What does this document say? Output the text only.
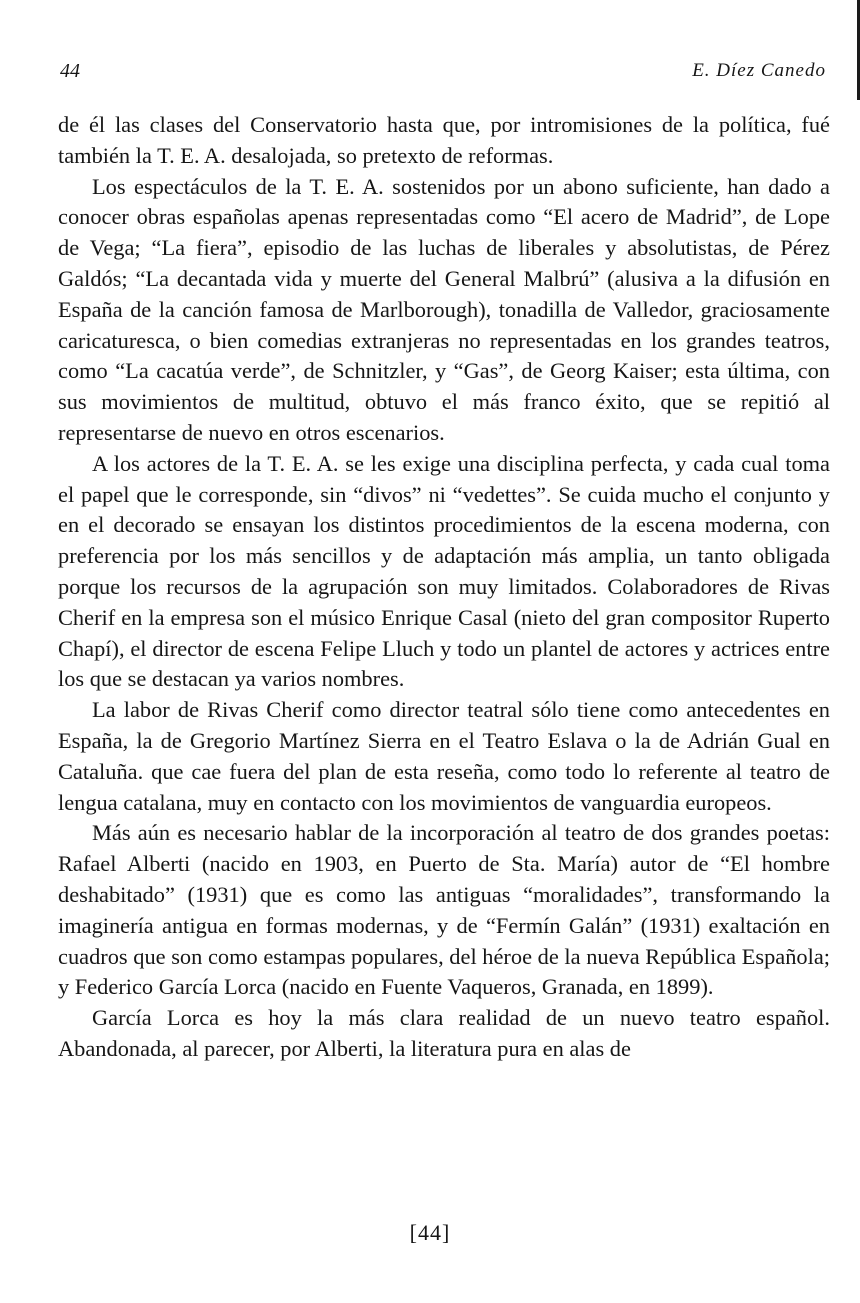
44	E. Díez Canedo

de él las clases del Conservatorio hasta que, por intromisiones de la política, fué también la T. E. A. desalojada, so pretexto de reformas.

Los espectáculos de la T. E. A. sostenidos por un abono suficiente, han dado a conocer obras españolas apenas representadas como “El acero de Madrid”, de Lope de Vega; “La fiera”, episodio de las luchas de liberales y absolutistas, de Pérez Galdós; “La decantada vida y muerte del General Malbrú” (alusiva a la difusión en España de la canción famosa de Marlborough), tonadilla de Valledor, graciosamente caricaturesca, o bien comedias extranjeras no representadas en los grandes teatros, como “La cacatúa verde”, de Schnitzler, y “Gas”, de Georg Kaiser; esta última, con sus movimientos de multitud, obtuvo el más franco éxito, que se repitió al representarse de nuevo en otros escenarios.

A los actores de la T. E. A. se les exige una disciplina perfecta, y cada cual toma el papel que le corresponde, sin “divos” ni “vedettes”. Se cuida mucho el conjunto y en el decorado se ensayan los distintos procedimientos de la escena moderna, con preferencia por los más sencillos y de adaptación más amplia, un tanto obligada porque los recursos de la agrupación son muy limitados. Colaboradores de Rivas Cherif en la empresa son el músico Enrique Casal (nieto del gran compositor Ruperto Chapí), el director de escena Felipe Lluch y todo un plantel de actores y actrices entre los que se destacan ya varios nombres.

La labor de Rivas Cherif como director teatral sólo tiene como antecedentes en España, la de Gregorio Martínez Sierra en el Teatro Eslava o la de Adrián Gual en Cataluña. que cae fuera del plan de esta reseña, como todo lo referente al teatro de lengua catalana, muy en contacto con los movimientos de vanguardia europeos.

Más aún es necesario hablar de la incorporación al teatro de dos grandes poetas: Rafael Alberti (nacido en 1903, en Puerto de Sta. María) autor de “El hombre deshabitado” (1931) que es como las antiguas “moralidades”, transformando la imaginería antigua en formas modernas, y de “Fermín Galán” (1931) exaltación en cuadros que son como estampas populares, del héroe de la nueva República Española; y Federico García Lorca (nacido en Fuente Vaqueros, Granada, en 1899).

García Lorca es hoy la más clara realidad de un nuevo teatro español. Abandonada, al parecer, por Alberti, la literatura pura en alas de

[44]
